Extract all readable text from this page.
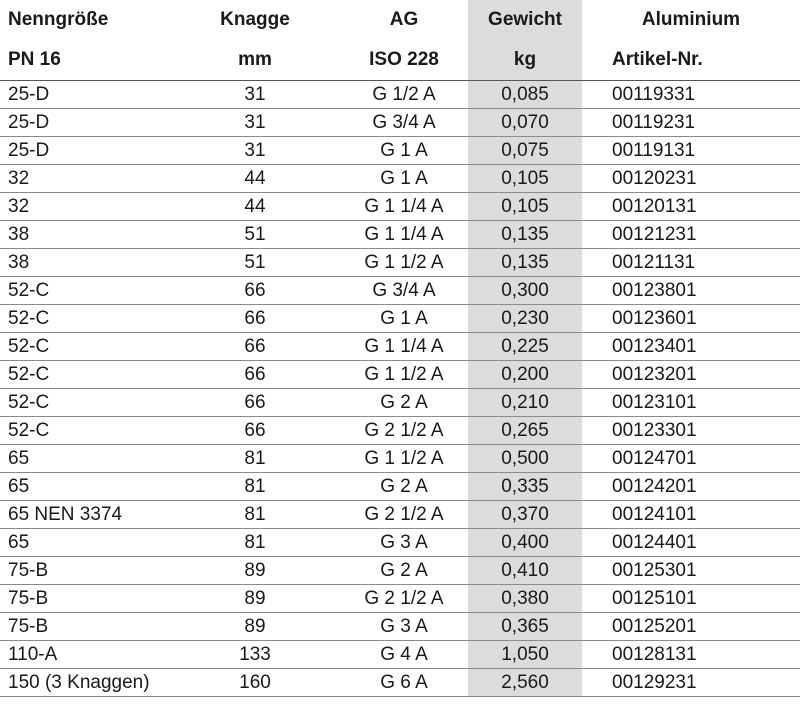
Nenngröße	Knagge	AG	Gewicht	Aluminium
PN 16	mm	ISO 228	kg	Artikel-Nr.
25-D	31	G 1/2 A	0,085	00119331
25-D	31	G 3/4 A	0,070	00119231
25-D	31	G 1 A	0,075	00119131
32	44	G 1 A	0,105	00120231
32	44	G 1 1/4 A	0,105	00120131
38	51	G 1 1/4 A	0,135	00121231
38	51	G 1 1/2 A	0,135	00121131
52-C	66	G 3/4 A	0,300	00123801
52-C	66	G 1 A	0,230	00123601
52-C	66	G 1 1/4 A	0,225	00123401
52-C	66	G 1 1/2 A	0,200	00123201
52-C	66	G 2 A	0,210	00123101
52-C	66	G 2 1/2 A	0,265	00123301
65	81	G 1 1/2 A	0,500	00124701
65	81	G 2 A	0,335	00124201
65 NEN 3374	81	G 2 1/2 A	0,370	00124101
65	81	G 3 A	0,400	00124401
75-B	89	G 2 A	0,410	00125301
75-B	89	G 2 1/2 A	0,380	00125101
75-B	89	G 3 A	0,365	00125201
110-A	133	G 4 A	1,050	00128131
150 (3 Knaggen)	160	G 6 A	2,560	00129231
